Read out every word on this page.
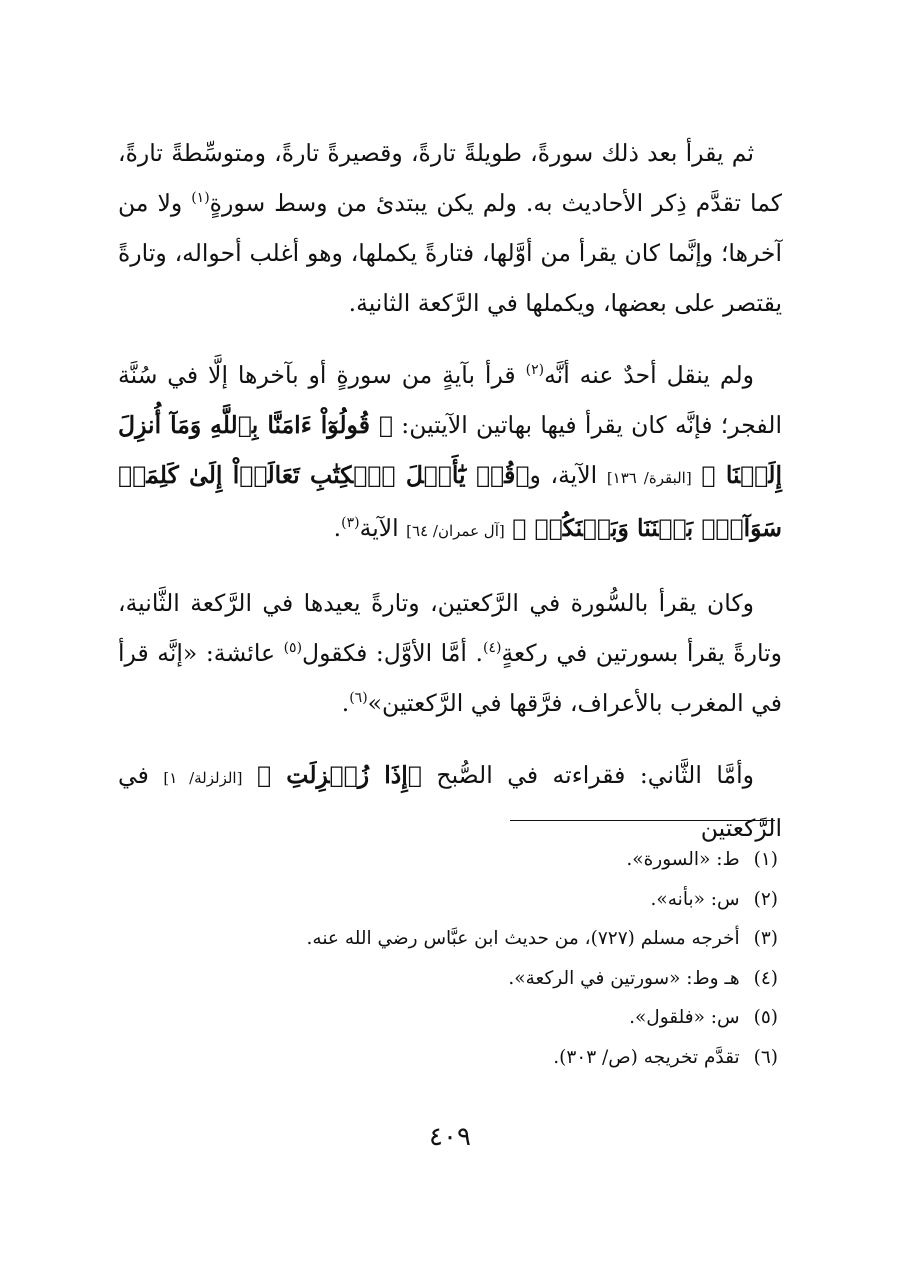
ثم يقرأ بعد ذلك سورةً، طويلةً تارةً، وقصيرةً تارةً، ومتوسِّطةً تارةً، كما تقدَّم ذِكر الأحاديث به. ولم يكن يبتدئ من وسط سورةٍ$^{(١)}$ ولا من آخرها؛ وإنَّما كان يقرأ من أوَّلها، فتارةً يكملها، وهو أغلب أحواله، وتارةً يقتصر على بعضها، ويكملها في الرَّكعة الثانية.
ولم ينقل أحدٌ عنه أنَّه$^{(٢)}$ قرأ بآيةٍ من سورةٍ أو بآخرها إلَّا في سُنَّة الفجر؛ فإنَّه كان يقرأ فيها بهاتين الآيتين: ﴿ قُولُوٓاْ ءَامَنَّا بِٱللَّهِ وَمَآ أُنزِلَ إِلَيۡنَا ﴾ [البقرة/ ١٣٦] الآية، و﴿قُلۡ يَٰٓأَهۡلَ ٱلۡكِتَٰبِ تَعَالَوۡاْ إِلَىٰ كَلِمَةٖ سَوَآءِۭ بَيۡنَنَا وَبَيۡنَكُمۡ ﴾ [آل عمران/ ٦٤] الآية$^{(٣)}$.
وكان يقرأ بالسُّورة في الرَّكعتين، وتارةً يعيدها في الرَّكعة الثَّانية، وتارةً يقرأ بسورتين في ركعةٍ$^{(٤)}$. أمَّا الأوَّل: فكقول$^{(٥)}$ عائشة: «إنَّه قرأ في المغرب بالأعراف، فرَّقها في الرَّكعتين»$^{(٦)}$.
وأمَّا الثَّاني: فقراءته في الصُّبح ﴿إِذَا زُلۡزِلَتِ ﴾ [الزلزلة/ ١] في الرَّكعتين
(١)ط: «السورة».
(٢)س: «بأنه».
(٣)أخرجه مسلم (٧٢٧)، من حديث ابن عبَّاس رضي الله عنه.
(٤)هـ وط: «سورتين في الركعة».
(٥)س: «فلقول».
(٦)تقدَّم تخريجه (ص/ ٣٠٣).
٤٠٩
